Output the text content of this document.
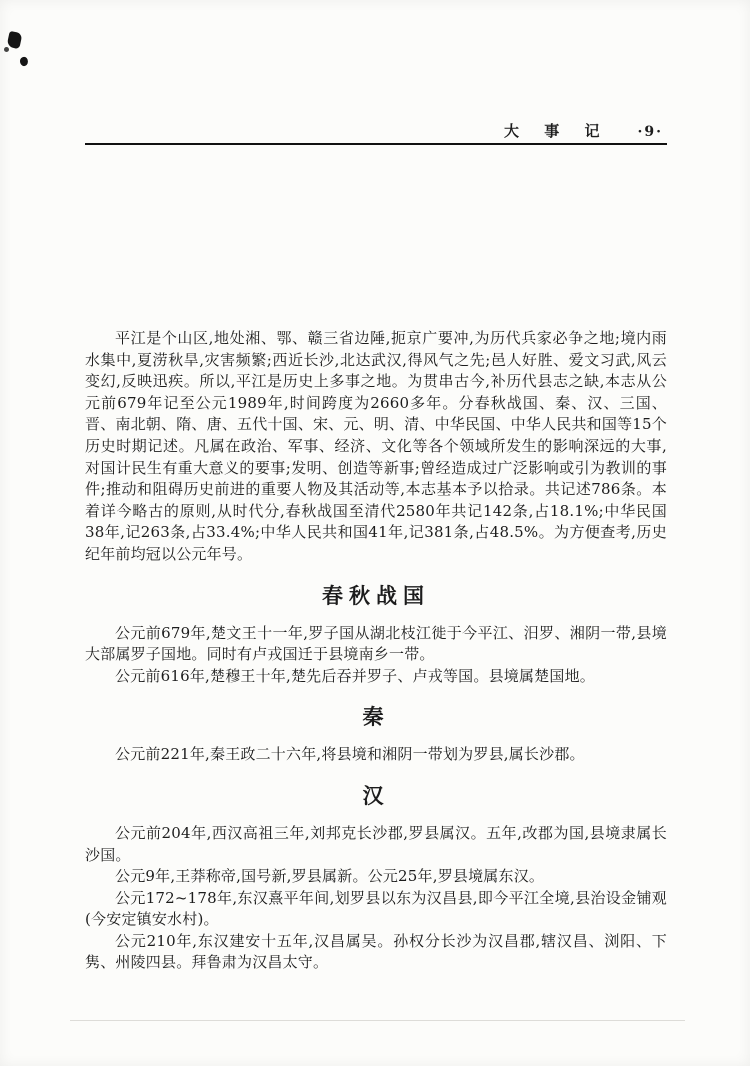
大 事 记 ·9·

平江是个山区,地处湘、鄂、赣三省边陲,扼京广要冲,为历代兵家必争之地;境内雨水集中,夏涝秋旱,灾害频繁;西近长沙,北达武汉,得风气之先;邑人好胜、爱文习武,风云变幻,反映迅疾。所以,平江是历史上多事之地。为贯串古今,补历代县志之缺,本志从公元前679年记至公元1989年,时间跨度为2660多年。分春秋战国、秦、汉、三国、晋、南北朝、隋、唐、五代十国、宋、元、明、清、中华民国、中华人民共和国等15个历史时期记述。凡属在政治、军事、经济、文化等各个领域所发生的影响深远的大事,对国计民生有重大意义的要事;发明、创造等新事;曾经造成过广泛影响或引为教训的事件;推动和阻碍历史前进的重要人物及其活动等,本志基本予以拾录。共记述786条。本着详今略古的原则,从时代分,春秋战国至清代2580年共记142条,占18.1%;中华民国38年,记263条,占33.4%;中华人民共和国41年,记381条,占48.5%。为方便查考,历史纪年前均冠以公元年号。

春秋战国

公元前679年,楚文王十一年,罗子国从湖北枝江徙于今平江、汨罗、湘阴一带,县境大部属罗子国地。同时有卢戎国迁于县境南乡一带。

公元前616年,楚穆王十年,楚先后吞并罗子、卢戎等国。县境属楚国地。

秦

公元前221年,秦王政二十六年,将县境和湘阴一带划为罗县,属长沙郡。

汉

公元前204年,西汉高祖三年,刘邦克长沙郡,罗县属汉。五年,改郡为国,县境隶属长沙国。

公元9年,王莽称帝,国号新,罗县属新。公元25年,罗县境属东汉。

公元172~178年,东汉熹平年间,划罗县以东为汉昌县,即今平江全境,县治设金铺观(今安定镇安水村)。

公元210年,东汉建安十五年,汉昌属吴。孙权分长沙为汉昌郡,辖汉昌、浏阳、下隽、州陵四县。拜鲁肃为汉昌太守。
